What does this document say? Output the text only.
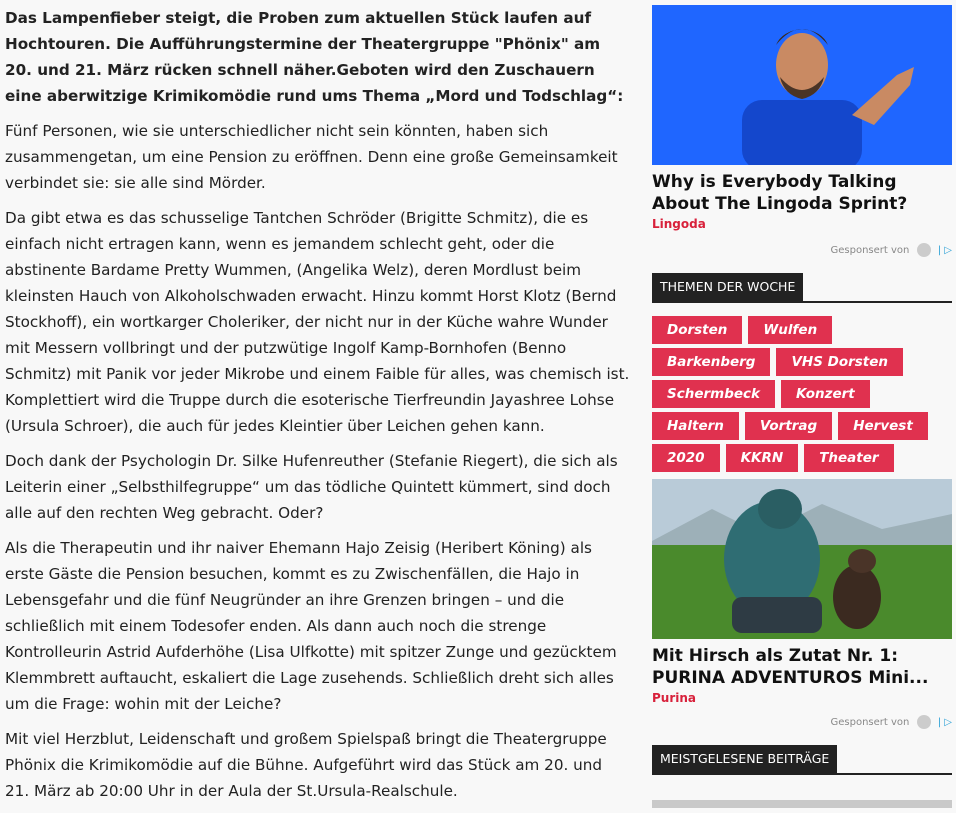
Das Lampenfieber steigt, die Proben zum aktuellen Stück laufen auf Hochtouren. Die Aufführungstermine der Theatergruppe "Phönix" am 20. und 21. März rücken schnell näher.Geboten wird den Zuschauern eine aberwitzige Krimikomödie rund ums Thema „Mord und Todschlag“:

Fünf Personen, wie sie unterschiedlicher nicht sein könnten, haben sich zusammengetan, um eine Pension zu eröffnen. Denn eine große Gemeinsamkeit verbindet sie: sie alle sind Mörder.

Da gibt etwa es das schusselige Tantchen Schröder (Brigitte Schmitz), die es einfach nicht ertragen kann, wenn es jemandem schlecht geht, oder die abstinente Bardame Pretty Wummen, (Angelika Welz), deren Mordlust beim kleinsten Hauch von Alkoholschwaden erwacht. Hinzu kommt Horst Klotz (Bernd Stockhoff), ein wortkarger Choleriker, der nicht nur in der Küche wahre Wunder mit Messern vollbringt und der putzwütige Ingolf Kamp-Bornhofen (Benno Schmitz) mit Panik vor jeder Mikrobe und einem Faible für alles, was chemisch ist. Komplettiert wird die Truppe durch die esoterische Tierfreundin Jayashree Lohse (Ursula Schroer), die auch für jedes Kleintier über Leichen gehen kann.

Doch dank der Psychologin Dr. Silke Hufenreuther (Stefanie Riegert), die sich als Leiterin einer „Selbsthilfegruppe“ um das tödliche Quintett kümmert, sind doch alle auf den rechten Weg gebracht. Oder?

Als die Therapeutin und ihr naiver Ehemann Hajo Zeisig (Heribert Köning) als erste Gäste die Pension besuchen, kommt es zu Zwischenfällen, die Hajo in Lebensgefahr und die fünf Neugründer an ihre Grenzen bringen – und die schließlich mit einem Todesofer enden. Als dann auch noch die strenge Kontrolleurin Astrid Aufderhöhe (Lisa Ulfkotte) mit spitzer Zunge und gezücktem Klemmbrett auftaucht, eskaliert die Lage zusehends. Schließlich dreht sich alles um die Frage: wohin mit der Leiche?

Mit viel Herzblut, Leidenschaft und großem Spielspaß bringt die Theatergruppe Phönix die Krimikomödie auf die Bühne. Aufgeführt wird das Stück am 20. und 21. März ab 20:00 Uhr in der Aula der St.Ursula-Realschule.

Why is Everybody Talking About The Lingoda Sprint?
Lingoda
Gesponsert von	| ▷
THEMEN DER WOCHE
Dorsten	Wulfen
Barkenberg	VHS Dorsten
Schermbeck	Konzert
Haltern	Vortrag	Hervest
2020	KKRN	Theater
Mit Hirsch als Zutat Nr. 1: PURINA ADVENTUROS Mini...
Purina
Gesponsert von	| ▷
MEISTGELESENE BEITRÄGE
